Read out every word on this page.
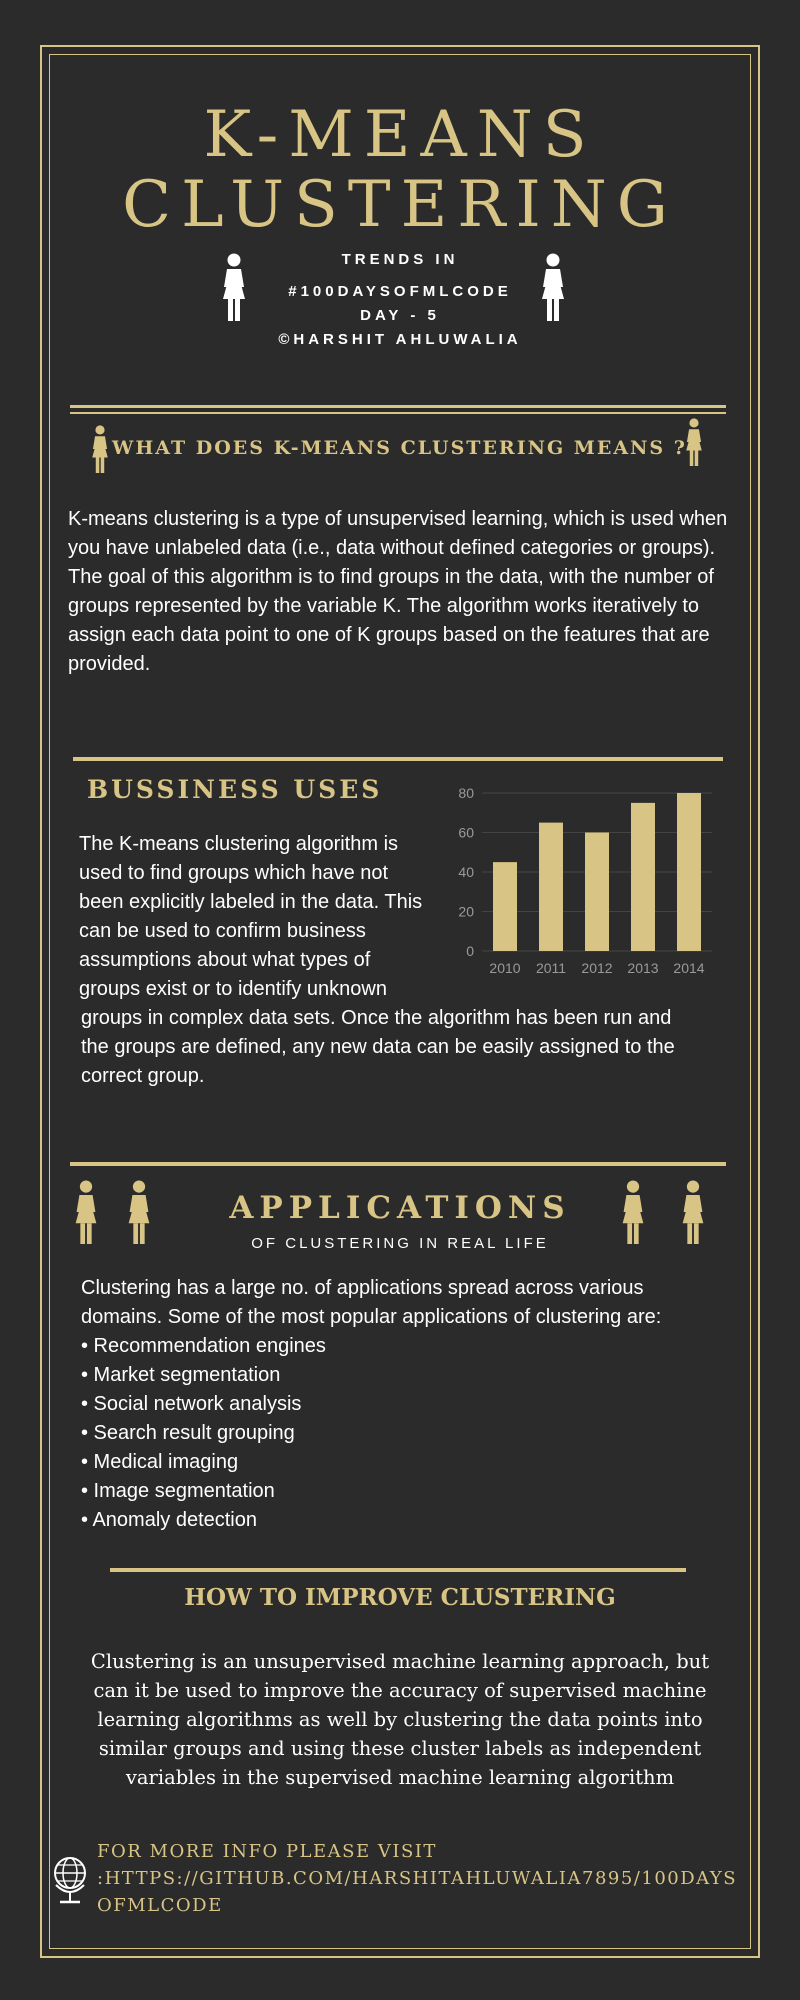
K-MEANS
CLUSTERING
TRENDS IN
#100DAYSOFMLCODE
DAY - 5
©HARSHIT AHLUWALIA
WHAT DOES K-MEANS CLUSTERING MEANS ?
K-means clustering is a type of unsupervised learning, which is used when you have unlabeled data (i.e., data without defined categories or groups). The goal of this algorithm is to find groups in the data, with the number of groups represented by the variable K. The algorithm works iteratively to assign each data point to one of K groups based on the features that are provided.
BUSSINESS USES
The K-means clustering algorithm is
used to find groups which have not
been explicitly labeled in the data. This
can be used to confirm business
assumptions about what types of
groups exist or to identify unknown
groups in complex data sets. Once the algorithm has been run and
the groups are defined, any new data can be easily assigned to the
correct group.
0
20
40
60
80
2010 2011 2012 2013 2014
APPLICATIONS
OF CLUSTERING IN REAL LIFE
Clustering has a large no. of applications spread across various
domains. Some of the most popular applications of clustering are:
• Recommendation engines
• Market segmentation
• Social network analysis
• Search result grouping
• Medical imaging
• Image segmentation
• Anomaly detection
HOW TO IMPROVE CLUSTERING
Clustering is an unsupervised machine learning approach, but
can it be used to improve the accuracy of supervised machine
learning algorithms as well by clustering the data points into
similar groups and using these cluster labels as independent
variables in the supervised machine learning algorithm
FOR MORE INFO PLEASE VISIT
:HTTPS://GITHUB.COM/HARSHITAHLUWALIA7895/100DAYS
OFMLCODE
